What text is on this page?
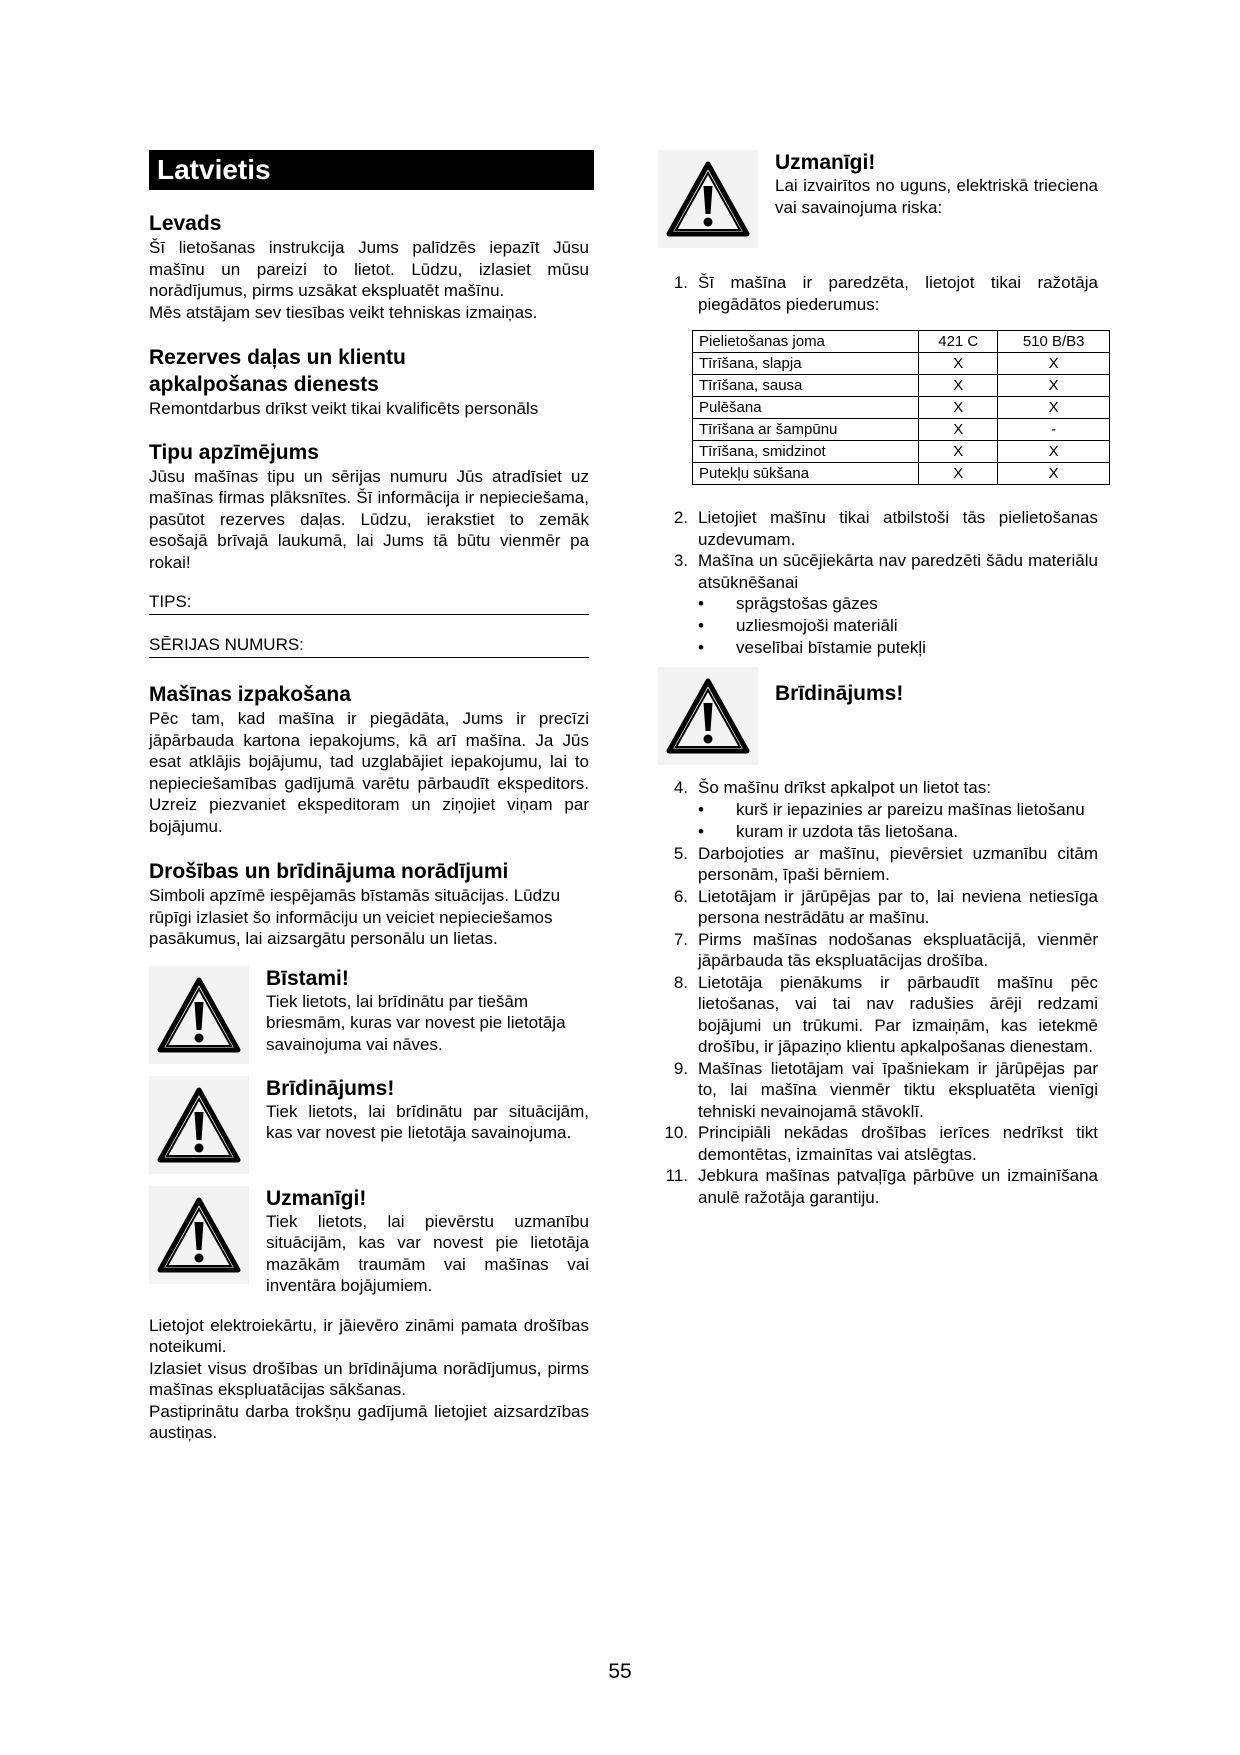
Latvietis
Levads

Šī lietošanas instrukcija Jums palīdzēs iepazīt Jūsu mašīnu un pareizi to lietot. Lūdzu, izlasiet mūsu norādījumus, pirms uzsākat ekspluatēt mašīnu.

Mēs atstājam sev tiesības veikt tehniskas izmaiņas.

Rezerves daļas un klientu
apkalpošanas dienests

Remontdarbus drīkst veikt tikai kvalificēts personāls

Tipu apzīmējums

Jūsu mašīnas tipu un sērijas numuru Jūs atradīsiet uz mašīnas firmas plāksnītes. Šī informācija ir nepieciešama, pasūtot rezerves daļas. Lūdzu, ierakstiet to zemāk esošajā brīvajā laukumā, lai Jums tā būtu vienmēr pa rokai!

TIPS:
SĒRIJAS NUMURS:
Mašīnas izpakošana

Pēc tam, kad mašīna ir piegādāta, Jums ir precīzi jāpārbauda kartona iepakojums, kā arī mašīna. Ja Jūs esat atklājis bojājumu, tad uzglabājiet iepakojumu, lai to nepieciešamības gadījumā varētu pārbaudīt ekspeditors. Uzreiz piezvaniet ekspeditoram un ziņojiet viņam par bojājumu.

Drošības un brīdinājuma norādījumi

Simboli apzīmē iespējamās bīstamās situācijas. Lūdzu rūpīgi izlasiet šo informāciju un veiciet nepieciešamos pasākumus, lai aizsargātu personālu un lietas.

Bīstami!

Tiek lietots, lai brīdinātu par tiešām briesmām, kuras var novest pie lietotāja savainojuma vai nāves.

Brīdinājums!

Tiek lietots, lai brīdinātu par situācijām, kas var novest pie lietotāja savainojuma.

Uzmanīgi!

Tiek lietots, lai pievērstu uzmanību situācijām, kas var novest pie lietotāja mazākām traumām vai mašīnas vai inventāra bojājumiem.

Lietojot elektroiekārtu, ir jāievēro zināmi pamata drošības noteikumi.

Izlasiet visus drošības un brīdinājuma norādījumus, pirms mašīnas ekspluatācijas sākšanas.

Pastiprinātu darba trokšņu gadījumā lietojiet aizsardzības austiņas.

Uzmanīgi!

Lai izvairītos no uguns, elektriskā trieciena vai savainojuma riska:

1. Šī mašīna ir paredzēta, lietojot tikai ražotāja piegādātos piederumus:
Pielietošanas joma	421 C	510 B/B3
Tīrīšana, slapja	X	X
Tīrīšana, sausa	X	X
Pulēšana	X	X
Tīrīšana ar šampūnu	X	-
Tīrīšana, smidzinot	X	X
Putekļu sūkšana	X	X
2. Lietojiet mašīnu tikai atbilstoši tās pielietošanas uzdevumam.
3. Mašīna un sūcējiekārta nav paredzēti šādu materiālu atsūknēšanai
• sprāgstošas gāzes
• uzliesmojoši materiāli
• veselībai bīstamie putekļi
Brīdinājums!
4. Šo mašīnu drīkst apkalpot un lietot tas:
• kurš ir iepazinies ar pareizu mašīnas lietošanu
• kuram ir uzdota tās lietošana.
5. Darbojoties ar mašīnu, pievērsiet uzmanību citām personām, īpaši bērniem.
6. Lietotājam ir jārūpējas par to, lai neviena netiesīga persona nestrādātu ar mašīnu.
7. Pirms mašīnas nodošanas ekspluatācijā, vienmēr jāpārbauda tās ekspluatācijas drošība.
8. Lietotāja pienākums ir pārbaudīt mašīnu pēc lietošanas, vai tai nav radušies ārēji redzami bojājumi un trūkumi. Par izmaiņām, kas ietekmē drošību, ir jāpaziņo klientu apkalpošanas dienestam.
9. Mašīnas lietotājam vai īpašniekam ir jārūpējas par to, lai mašīna vienmēr tiktu ekspluatēta vienīgi tehniski nevainojamā stāvoklī.
10. Principiāli nekādas drošības ierīces nedrīkst tikt demontētas, izmainītas vai atslēgtas.
11. Jebkura mašīnas patvaļīga pārbūve un izmainīšana anulē ražotāja garantiju.
55
